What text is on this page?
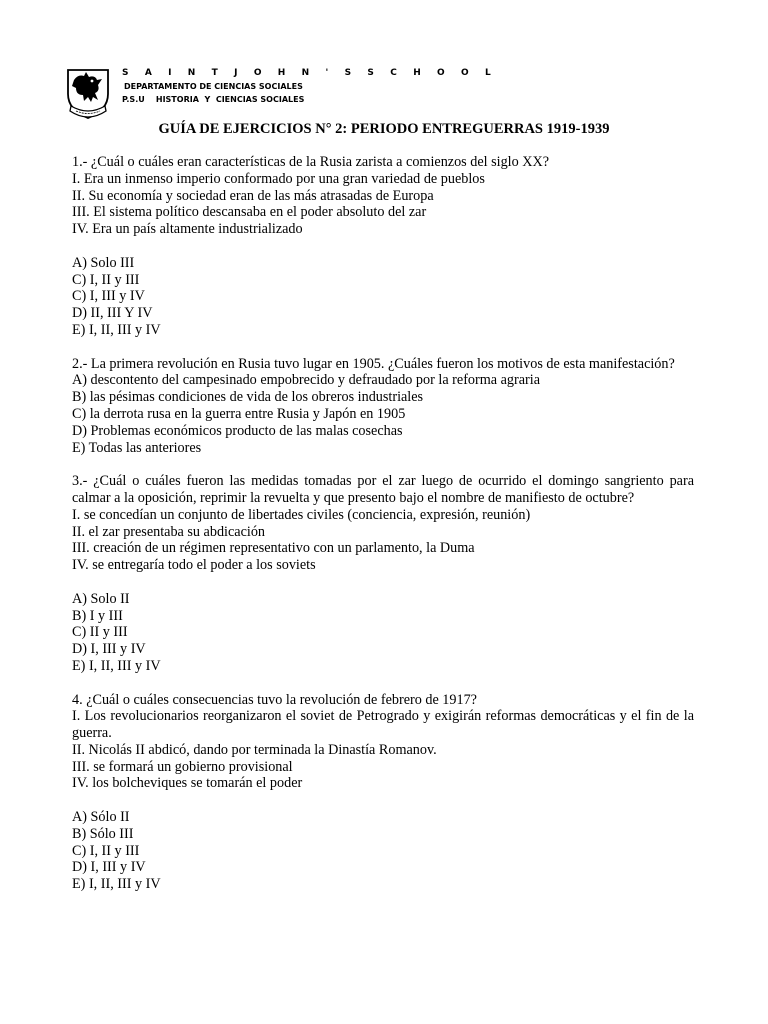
S A I N T J O H N ' S S C H O O L
DEPARTAMENTO DE CIENCIAS SOCIALES
P.S.U    HISTORIA  Y  CIENCIAS SOCIALES
GUÍA DE EJERCICIOS N° 2: PERIODO ENTREGUERRAS 1919-1939
1.- ¿Cuál o cuáles eran características de la Rusia zarista a comienzos del siglo XX?
I. Era un inmenso imperio conformado por una gran variedad de pueblos
II. Su economía y sociedad eran de las más atrasadas de Europa
III. El sistema político descansaba en el poder absoluto del zar
IV. Era un país altamente industrializado
A) Solo III
C) I, II y III
C) I, III y IV
D) II, III Y IV
E) I, II, III y IV
2.- La primera revolución en Rusia tuvo lugar en 1905. ¿Cuáles fueron los motivos de esta manifestación?
A) descontento del campesinado empobrecido y defraudado por la reforma agraria
B) las pésimas condiciones de vida de los obreros industriales
C) la derrota rusa en la guerra entre Rusia y Japón en 1905
D) Problemas económicos producto de las malas cosechas
E) Todas las anteriores
3.- ¿Cuál o cuáles fueron las medidas tomadas por el zar luego de ocurrido el domingo sangriento para calmar a la oposición, reprimir la revuelta y que presento bajo el nombre de manifiesto de octubre?
I. se concedían un conjunto de libertades civiles (conciencia, expresión, reunión)
II. el zar presentaba su abdicación
III. creación de un régimen representativo con un parlamento, la Duma
IV. se entregaría todo el poder a los soviets
A) Solo II
B) I y III
C) II y III
D) I, III y IV
E) I, II, III y IV
4. ¿Cuál o cuáles consecuencias tuvo la revolución de febrero de 1917?
I. Los revolucionarios reorganizaron el soviet de Petrogrado y exigirán reformas democráticas y el fin de la guerra.
II. Nicolás II abdicó, dando por terminada la Dinastía Romanov.
III. se formará un gobierno provisional
IV. los bolcheviques se tomarán el poder
A) Sólo II
B) Sólo III
C) I, II y III
D) I, III y IV
E) I, II, III y IV
